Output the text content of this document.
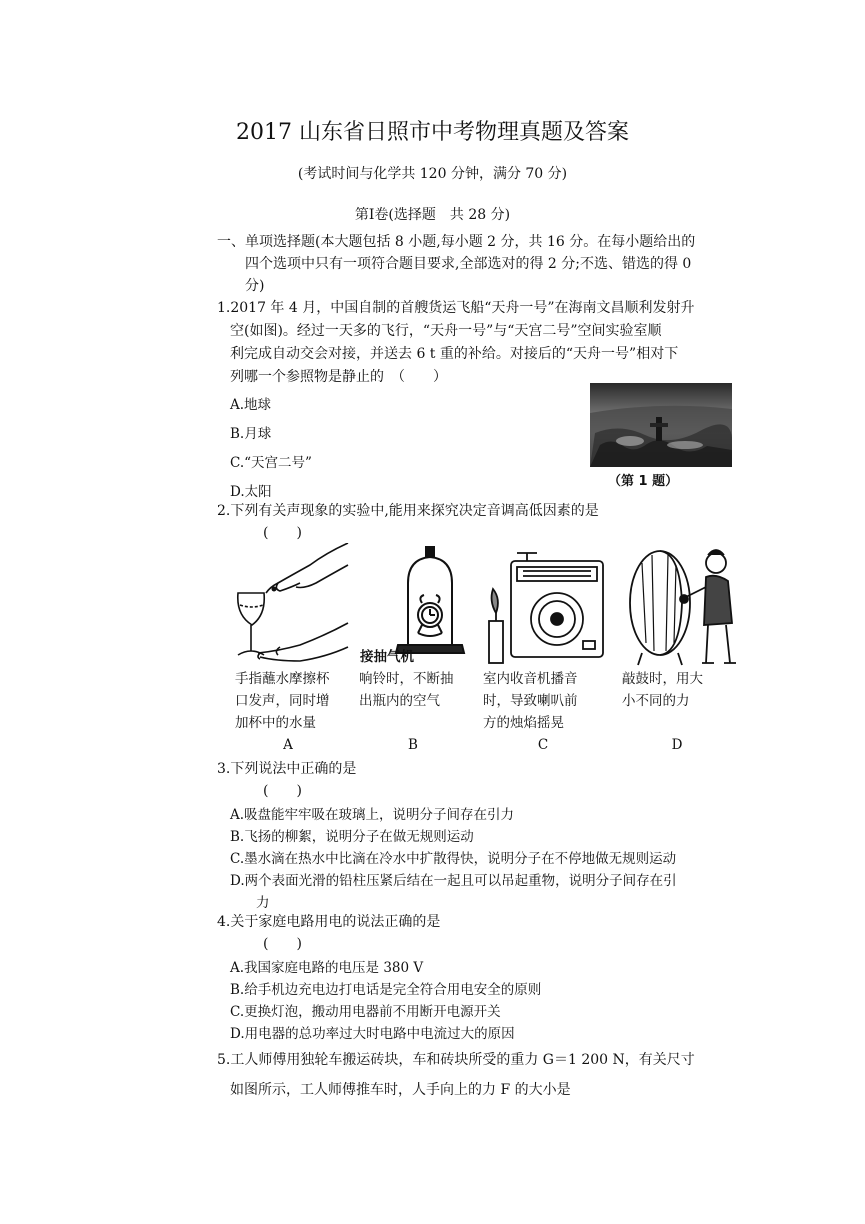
2017 山东省日照市中考物理真题及答案
(考试时间与化学共 120 分钟，满分 70 分)
第Ⅰ卷(选择题　共 28 分)
一、单项选择题(本大题包括 8 小题,每小题 2 分，共 16 分。在每小题给出的
四个选项中只有一项符合题目要求,全部选对的得 2 分;不选、错选的得 0
分)
1.2017 年 4 月，中国自制的首艘货运飞船“天舟一号”在海南文昌顺利发射升
空(如图)。经过一天多的飞行，“天舟一号”与“天宫二号”空间实验室顺
利完成自动交会对接，并送去 6 t 重的补给。对接后的“天舟一号”相对下
列哪一个参照物是静止的　（　　）
A.地球
B.月球
C.“天宫二号”
D.太阳
（第 1 题）
2.下列有关声现象的实验中,能用来探究决定音调高低因素的是
(　　)
接抽气机
手指蘸水摩擦杯
口发声，同时增
加杯中的水量
响铃时，不断抽
出瓶内的空气
室内收音机播音
时，导致喇叭前
方的烛焰摇晃
敲鼓时，用大
小不同的力
A	B	C	D
3.下列说法中正确的是
(　　)
A.吸盘能牢牢吸在玻璃上，说明分子间存在引力
B.飞扬的柳絮，说明分子在做无规则运动
C.墨水滴在热水中比滴在冷水中扩散得快，说明分子在不停地做无规则运动
D.两个表面光滑的铅柱压紧后结在一起且可以吊起重物，说明分子间存在引
力
4.关于家庭电路用电的说法正确的是
(　　)
A.我国家庭电路的电压是 380 V
B.给手机边充电边打电话是完全符合用电安全的原则
C.更换灯泡，搬动用电器前不用断开电源开关
D.用电器的总功率过大时电路中电流过大的原因
5.工人师傅用独轮车搬运砖块，车和砖块所受的重力 G＝1 200 N，有关尺寸
如图所示，工人师傅推车时，人手向上的力 F 的大小是
